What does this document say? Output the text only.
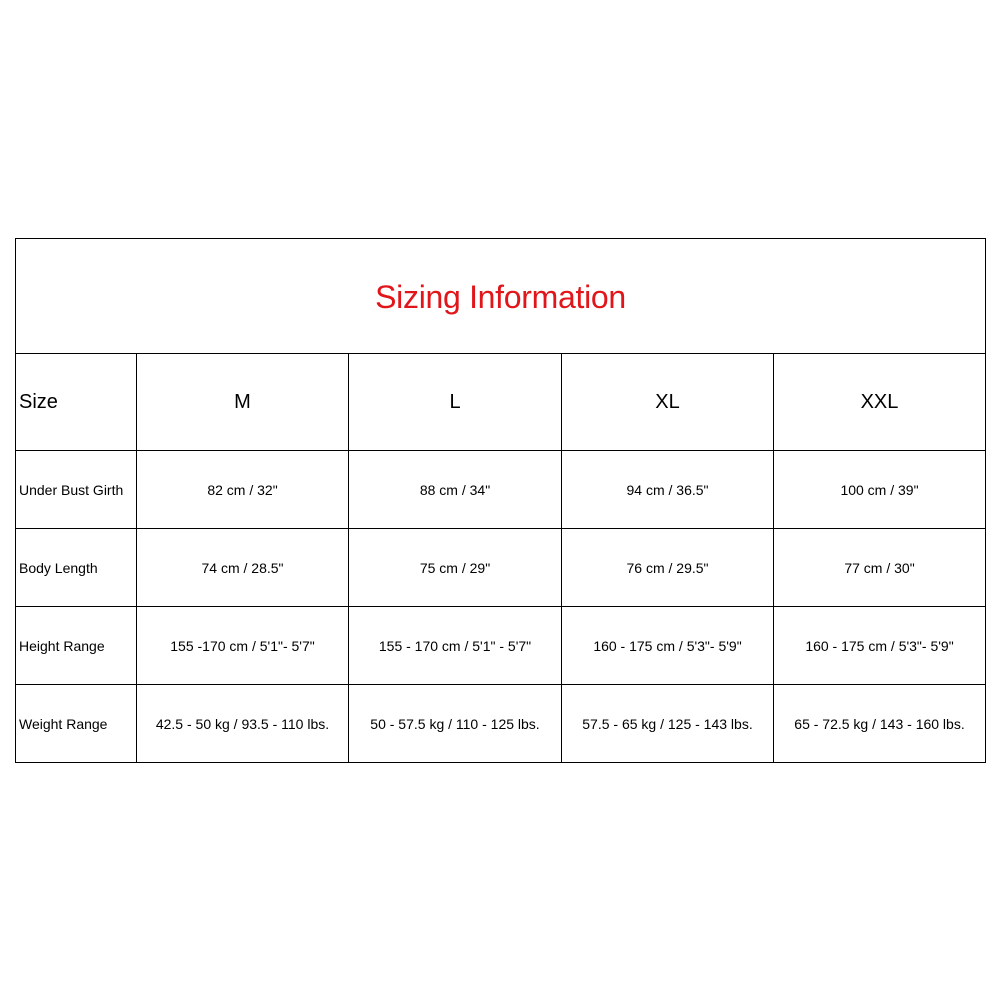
Sizing Information				
Size	M	L	XL	XXL
Under Bust Girth	82 cm / 32"	88 cm / 34"	94 cm / 36.5"	100 cm / 39"
Body Length	74 cm / 28.5"	75 cm / 29"	76 cm / 29.5"	77 cm / 30"
Height Range	155 -170 cm / 5'1"- 5'7"	155 - 170 cm / 5'1" - 5'7"	160 - 175 cm / 5'3"- 5'9"	160 - 175 cm / 5'3"- 5'9"
Weight Range	42.5 - 50 kg / 93.5 - 110 lbs.	50 - 57.5 kg / 110 - 125 lbs.	57.5 - 65 kg / 125 - 143 lbs.	65 - 72.5 kg / 143 - 160 lbs.
